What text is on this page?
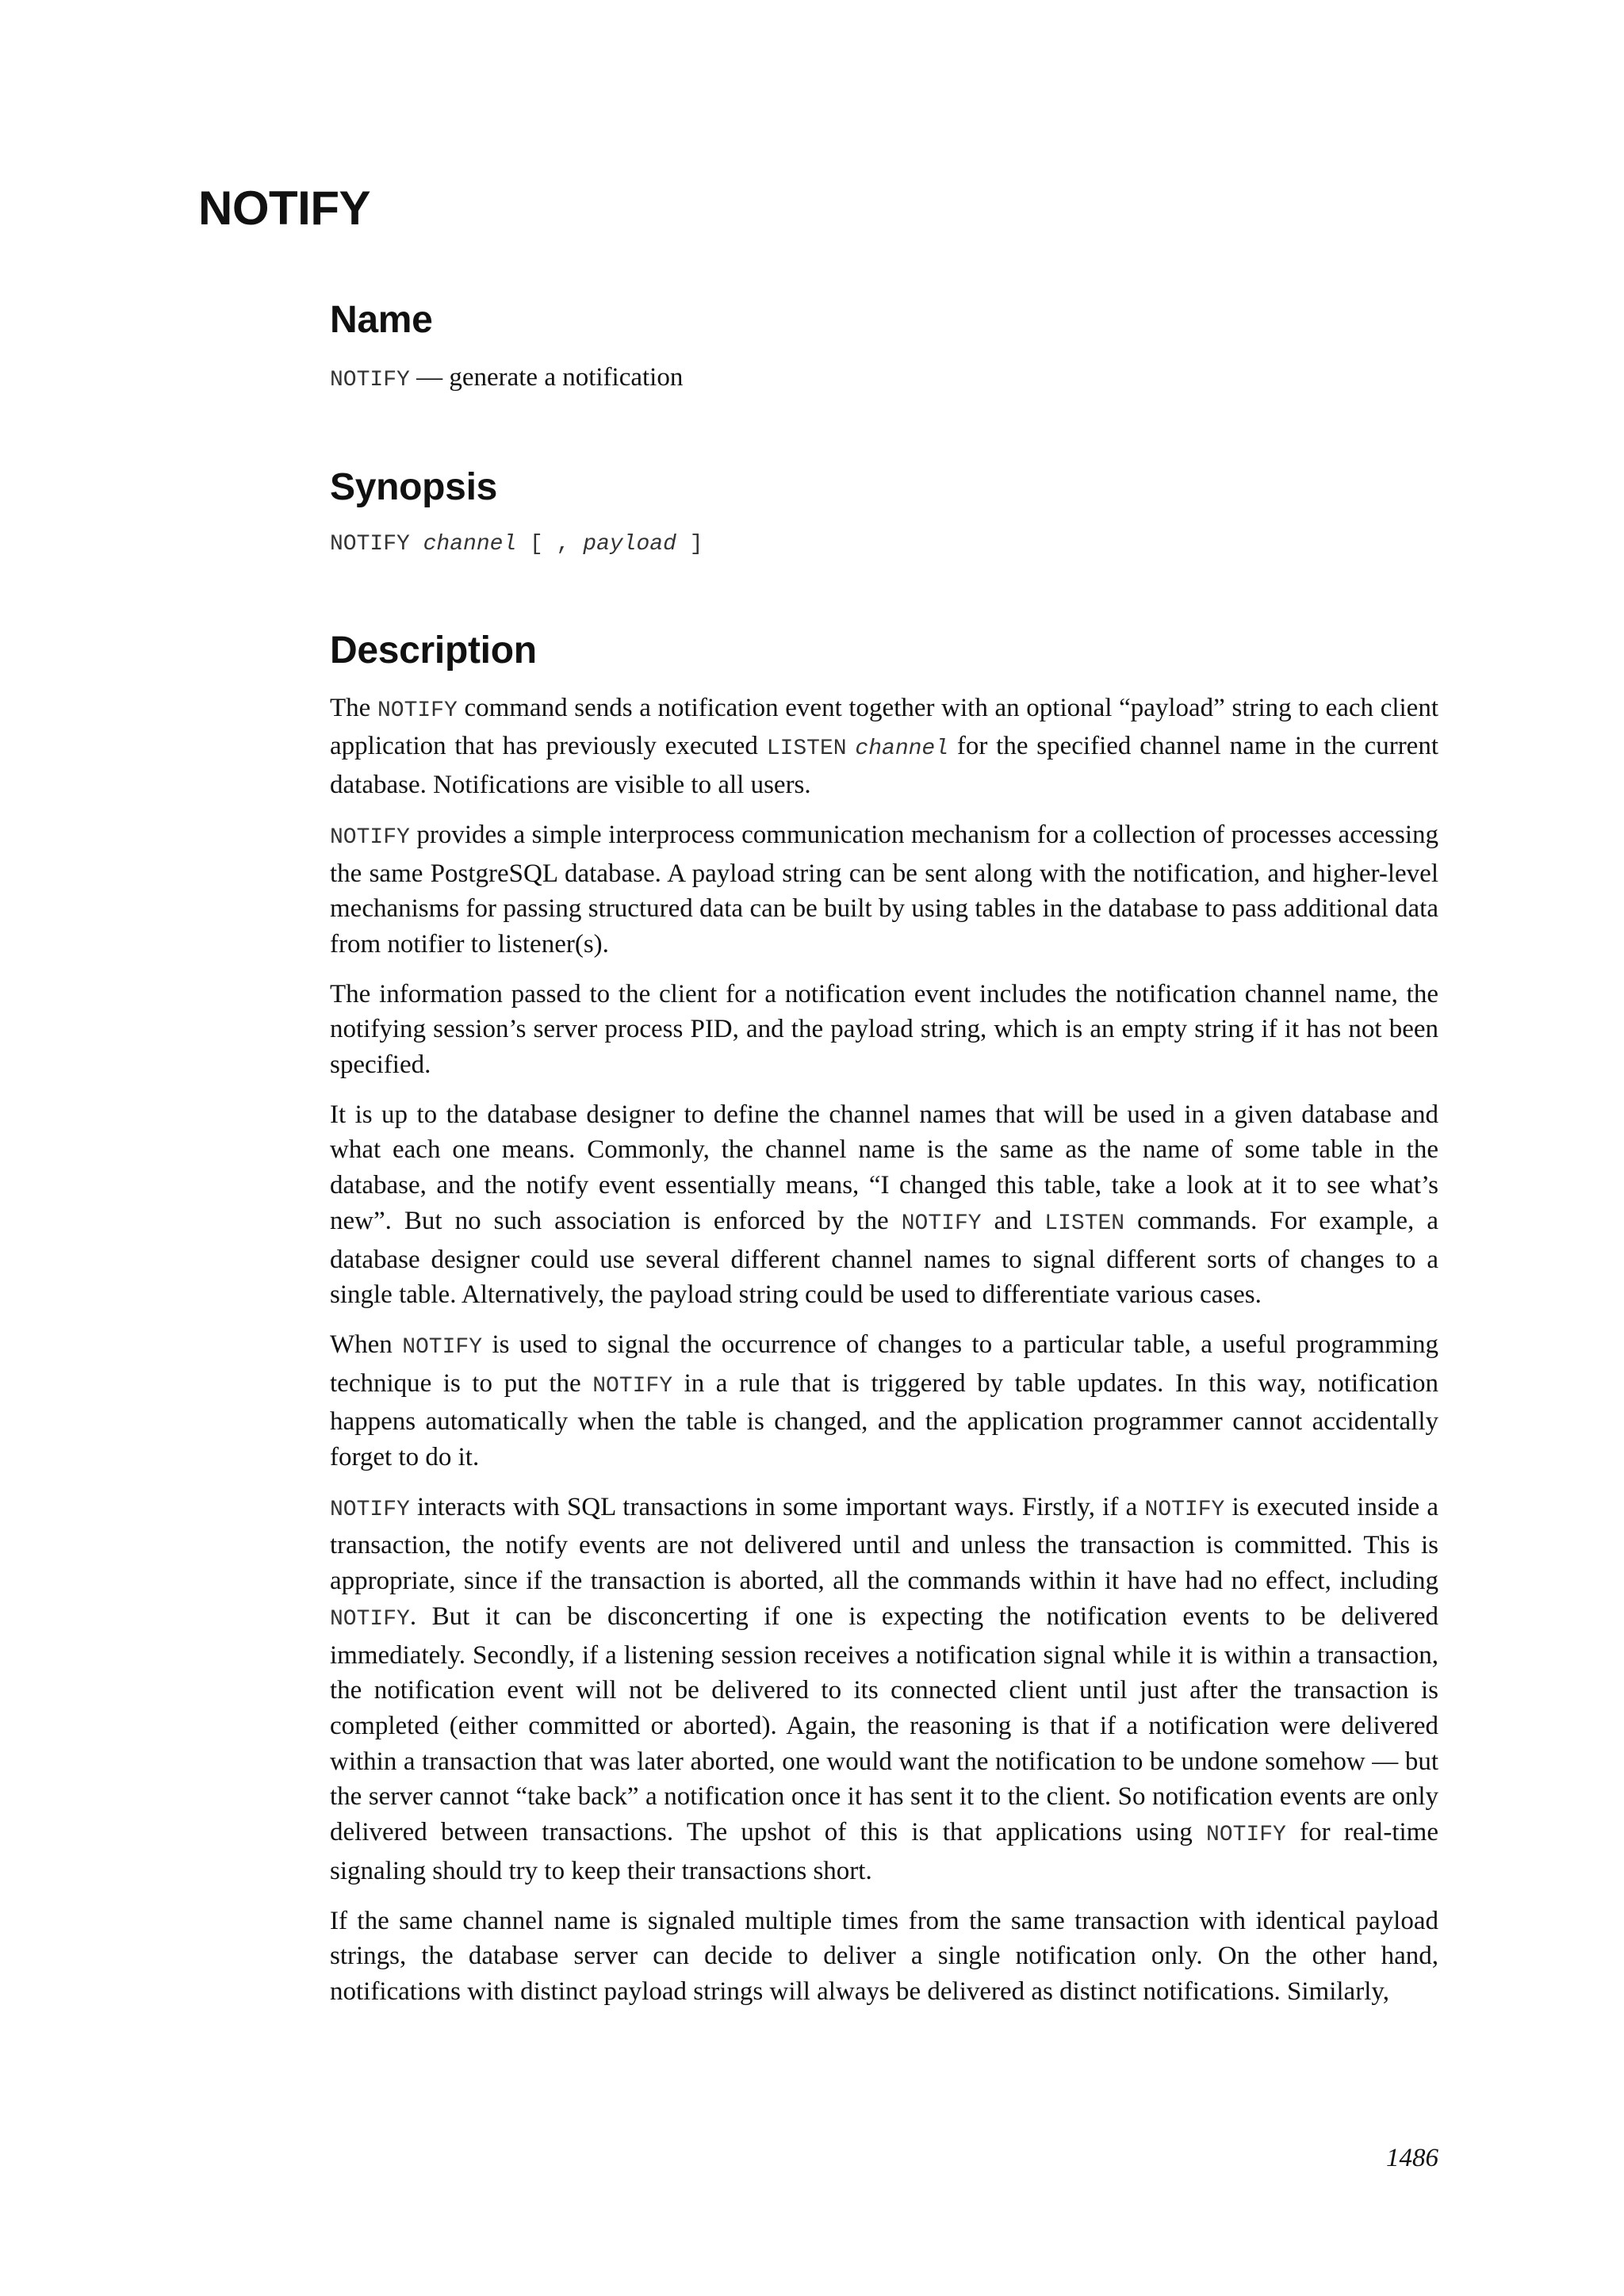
NOTIFY
Name

NOTIFY — generate a notification

Synopsis
NOTIFY channel [ , payload ]
Description

The NOTIFY command sends a notification event together with an optional “payload” string to each client application that has previously executed LISTEN channel for the specified channel name in the current database. Notifications are visible to all users.

NOTIFY provides a simple interprocess communication mechanism for a collection of processes accessing the same PostgreSQL database. A payload string can be sent along with the notification, and higher-level mechanisms for passing structured data can be built by using tables in the database to pass additional data from notifier to listener(s).

The information passed to the client for a notification event includes the notification channel name, the notifying session’s server process PID, and the payload string, which is an empty string if it has not been specified.

It is up to the database designer to define the channel names that will be used in a given database and what each one means. Commonly, the channel name is the same as the name of some table in the database, and the notify event essentially means, “I changed this table, take a look at it to see what’s new”. But no such association is enforced by the NOTIFY and LISTEN commands. For example, a database designer could use several different channel names to signal different sorts of changes to a single table. Alternatively, the payload string could be used to differentiate various cases.

When NOTIFY is used to signal the occurrence of changes to a particular table, a useful programming technique is to put the NOTIFY in a rule that is triggered by table updates. In this way, notification happens automatically when the table is changed, and the application programmer cannot accidentally forget to do it.

NOTIFY interacts with SQL transactions in some important ways. Firstly, if a NOTIFY is executed inside a transaction, the notify events are not delivered until and unless the transaction is committed. This is appropriate, since if the transaction is aborted, all the commands within it have had no effect, including NOTIFY. But it can be disconcerting if one is expecting the notification events to be delivered immediately. Secondly, if a listening session receives a notification signal while it is within a transaction, the notification event will not be delivered to its connected client until just after the transaction is completed (either committed or aborted). Again, the reasoning is that if a notification were delivered within a transaction that was later aborted, one would want the notification to be undone somehow — but the server cannot “take back” a notification once it has sent it to the client. So notification events are only delivered between transactions. The upshot of this is that applications using NOTIFY for real-time signaling should try to keep their transactions short.

If the same channel name is signaled multiple times from the same transaction with identical payload strings, the database server can decide to deliver a single notification only. On the other hand, notifications with distinct payload strings will always be delivered as distinct notifications. Similarly,

1486
